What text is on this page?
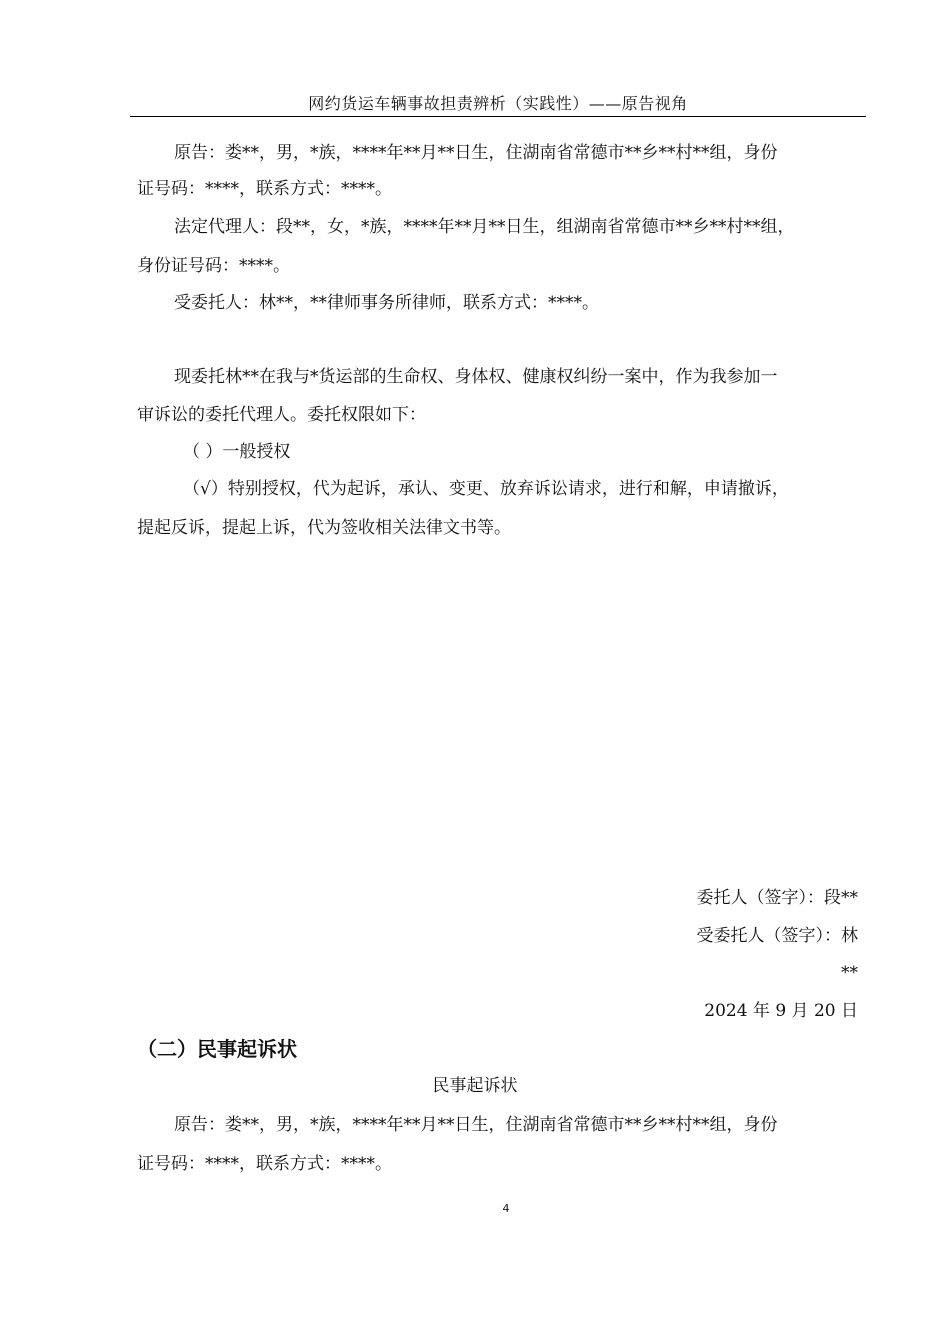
网约货运车辆事故担责辨析（实践性）——原告视角
原告：娄**，男，*族，****年**月**日生，住湖南省常德市**乡**村**组，身份
证号码：****，联系方式：****。
法定代理人：段**，女，*族，****年**月**日生，组湖南省常德市**乡**村**组，
身份证号码：****。
受委托人：林**，**律师事务所律师，联系方式：****。
现委托林**在我与*货运部的生命权、身体权、健康权纠纷一案中，作为我参加一
审诉讼的委托代理人。委托权限如下：
（ ）一般授权
（√）特别授权，代为起诉，承认、变更、放弃诉讼请求，进行和解，申请撤诉，
提起反诉，提起上诉，代为签收相关法律文书等。
委托人（签字）：段**
受委托人（签字）：林
**
2024 年 9 月 20 日
（二）民事起诉状
民事起诉状
原告：娄**，男，*族，****年**月**日生，住湖南省常德市**乡**村**组，身份
证号码：****，联系方式：****。
4
